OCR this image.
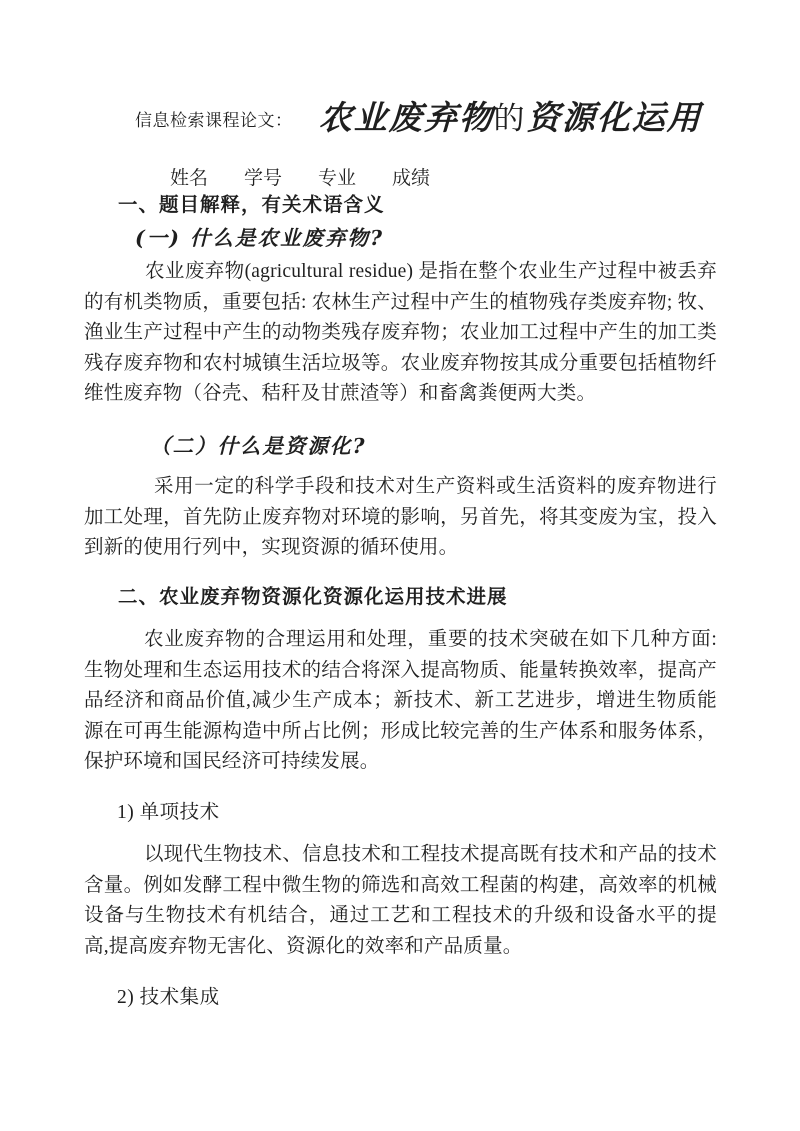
信息检索课程论文： 农业废弃物的资源化运用
姓名 学号 专业 成绩
一、题目解释，有关术语含义
(一) 什么是农业废弃物?
农业废弃物(agricultural residue) 是指在整个农业生产过程中被丢弃的有机类物质，重要包括: 农林生产过程中产生的植物残存类废弃物; 牧、渔业生产过程中产生的动物类残存废弃物；农业加工过程中产生的加工类残存废弃物和农村城镇生活垃圾等。农业废弃物按其成分重要包括植物纤维性废弃物（谷壳、秸秆及甘蔗渣等）和畜禽粪便两大类。
（二）什么是资源化?
采用一定的科学手段和技术对生产资料或生活资料的废弃物进行加工处理，首先防止废弃物对环境的影响，另首先，将其变废为宝，投入到新的使用行列中，实现资源的循环使用。
二、农业废弃物资源化资源化运用技术进展
农业废弃物的合理运用和处理，重要的技术突破在如下几种方面: 生物处理和生态运用技术的结合将深入提高物质、能量转换效率，提高产品经济和商品价值,减少生产成本；新技术、新工艺进步，增进生物质能源在可再生能源构造中所占比例；形成比较完善的生产体系和服务体系，保护环境和国民经济可持续发展。
1) 单项技术
以现代生物技术、信息技术和工程技术提高既有技术和产品的技术含量。例如发酵工程中微生物的筛选和高效工程菌的构建，高效率的机械设备与生物技术有机结合，通过工艺和工程技术的升级和设备水平的提高,提高废弃物无害化、资源化的效率和产品质量。
2) 技术集成
